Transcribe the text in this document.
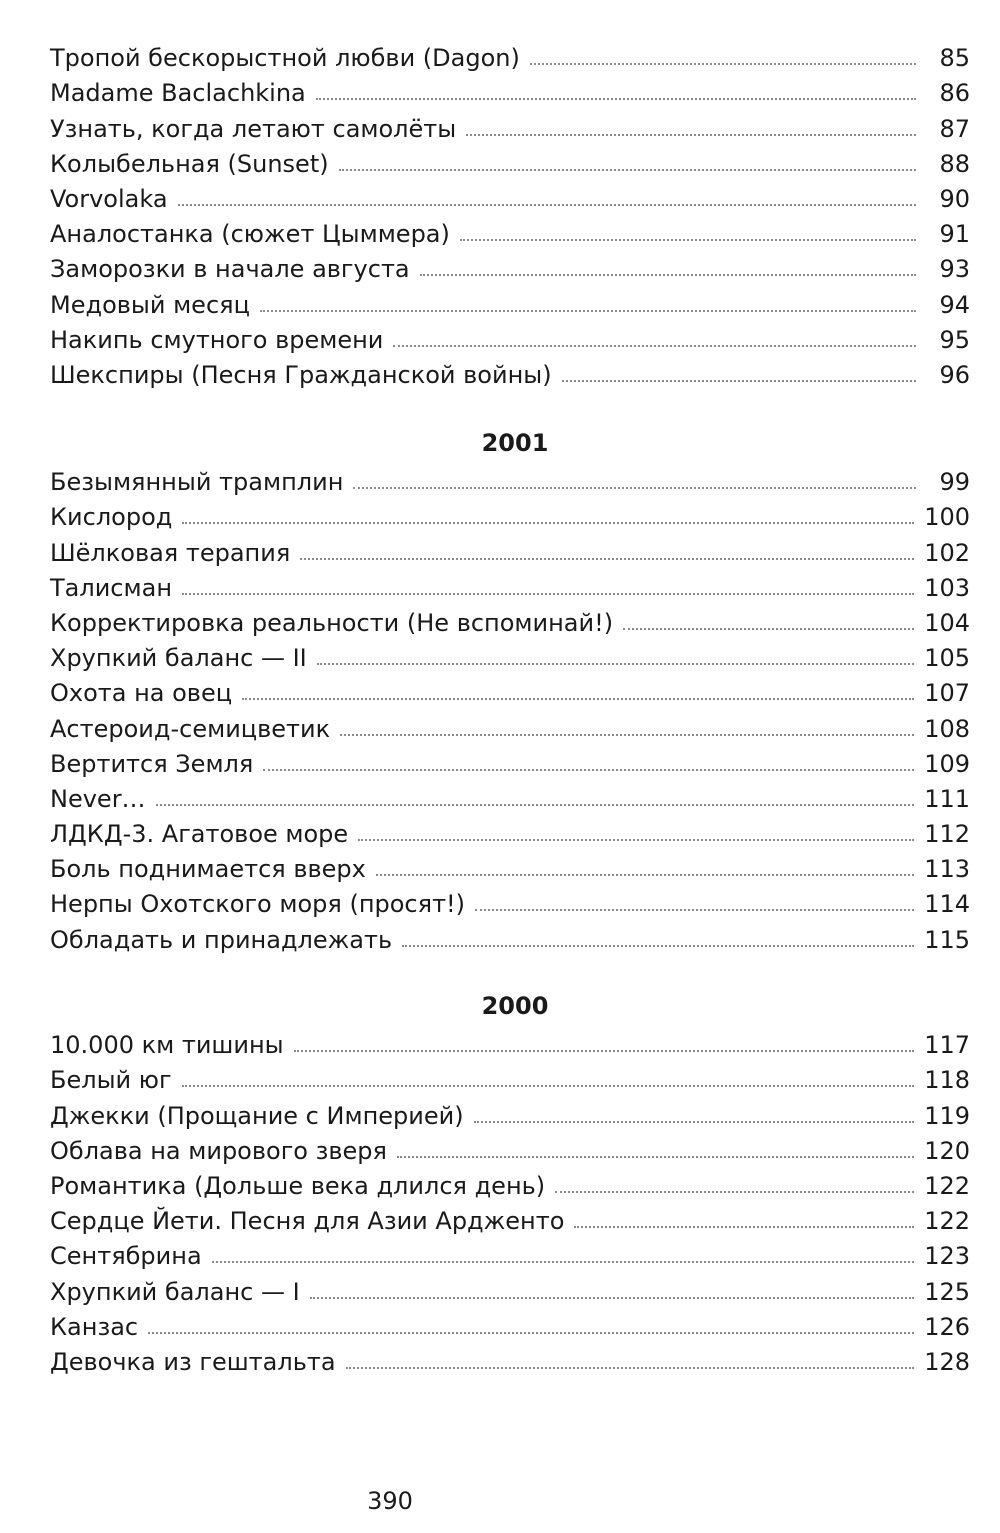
Тропой бескорыстной любви (Dagon)	85
Madame Baclachkina	86
Узнать, когда летают самолёты	87
Колыбельная (Sunset)	88
Vorvolaka	90
Аналостанка (сюжет Цыммера)	91
Заморозки в начале августа	93
Медовый месяц	94
Накипь смутного времени	95
Шекспиры (Песня Гражданской войны)	96
2001
Безымянный трамплин	99
Кислород	100
Шёлковая терапия	102
Талисман	103
Корректировка реальности (Не вспоминай!)	104
Хрупкий баланс — II	105
Охота на овец	107
Астероид-семицветик	108
Вертится Земля	109
Never…	111
ЛДКД-3. Агатовое море	112
Боль поднимается вверх	113
Нерпы Охотского моря (просят!)	114
Обладать и принадлежать	115
2000
10.000 км тишины	117
Белый юг	118
Джекки (Прощание с Империей)	119
Облава на мирового зверя	120
Романтика (Дольше века длился день)	122
Сердце Йети. Песня для Азии Ардженто	122
Сентябрина	123
Хрупкий баланс — I	125
Канзас	126
Девочка из гештальта	128
390
